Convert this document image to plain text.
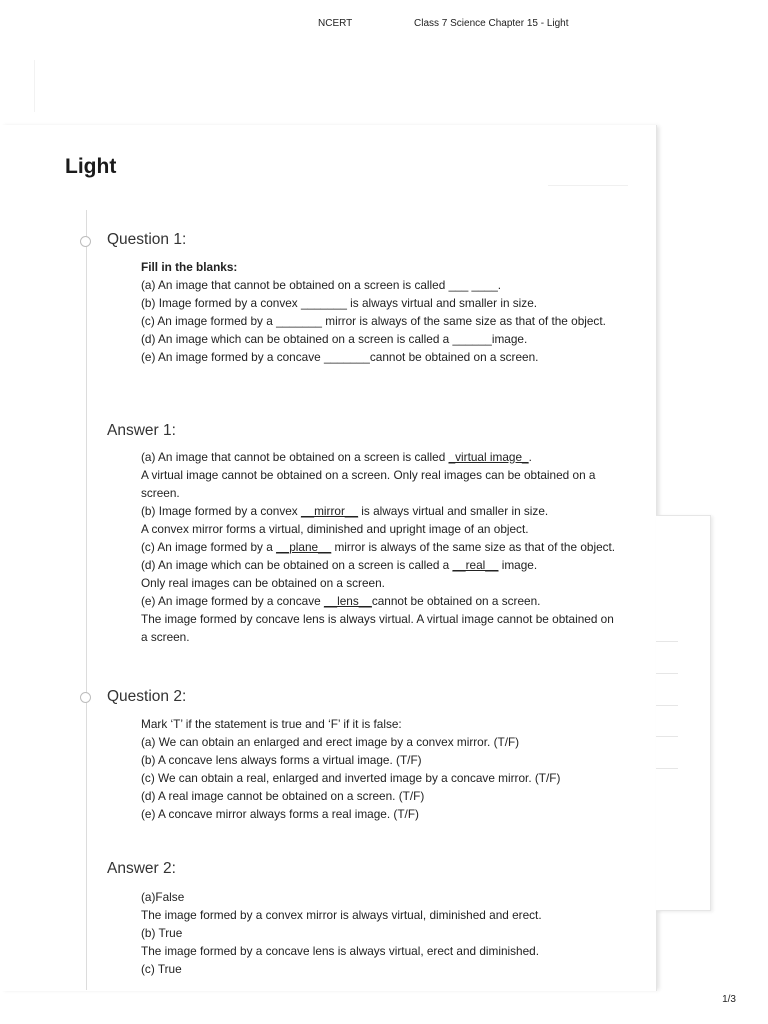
NCERT	Class 7 Science Chapter 15 - Light
Light
Question 1:

Fill in the blanks:

(a) An image that cannot be obtained on a screen is called ___ ____.

(b) Image formed by a convex _______ is always virtual and smaller in size.

(c) An image formed by a _______ mirror is always of the same size as that of the object.

(d) An image which can be obtained on a screen is called a ______image.

(e) An image formed by a concave _______cannot be obtained on a screen.

Answer 1:

(a) An image that cannot be obtained on a screen is called _virtual image_.

A virtual image cannot be obtained on a screen. Only real images can be obtained on a screen.

(b) Image formed by a convex __mirror__ is always virtual and smaller in size.

A convex mirror forms a virtual, diminished and upright image of an object.

(c) An image formed by a __plane__ mirror is always of the same size as that of the object.

(d) An image which can be obtained on a screen is called a __real__ image.

Only real images can be obtained on a screen.

(e) An image formed by a concave __lens__cannot be obtained on a screen.

The image formed by concave lens is always virtual. A virtual image cannot be obtained on a screen.

Question 2:

Mark ‘T’ if the statement is true and ‘F’ if it is false:

(a) We can obtain an enlarged and erect image by a convex mirror. (T/F)

(b) A concave lens always forms a virtual image. (T/F)

(c) We can obtain a real, enlarged and inverted image by a concave mirror. (T/F)

(d) A real image cannot be obtained on a screen. (T/F)

(e) A concave mirror always forms a real image. (T/F)

Answer 2:

(a)False

The image formed by a convex mirror is always virtual, diminished and erect.

(b) True

The image formed by a concave lens is always virtual, erect and diminished.

(c) True

1/3
